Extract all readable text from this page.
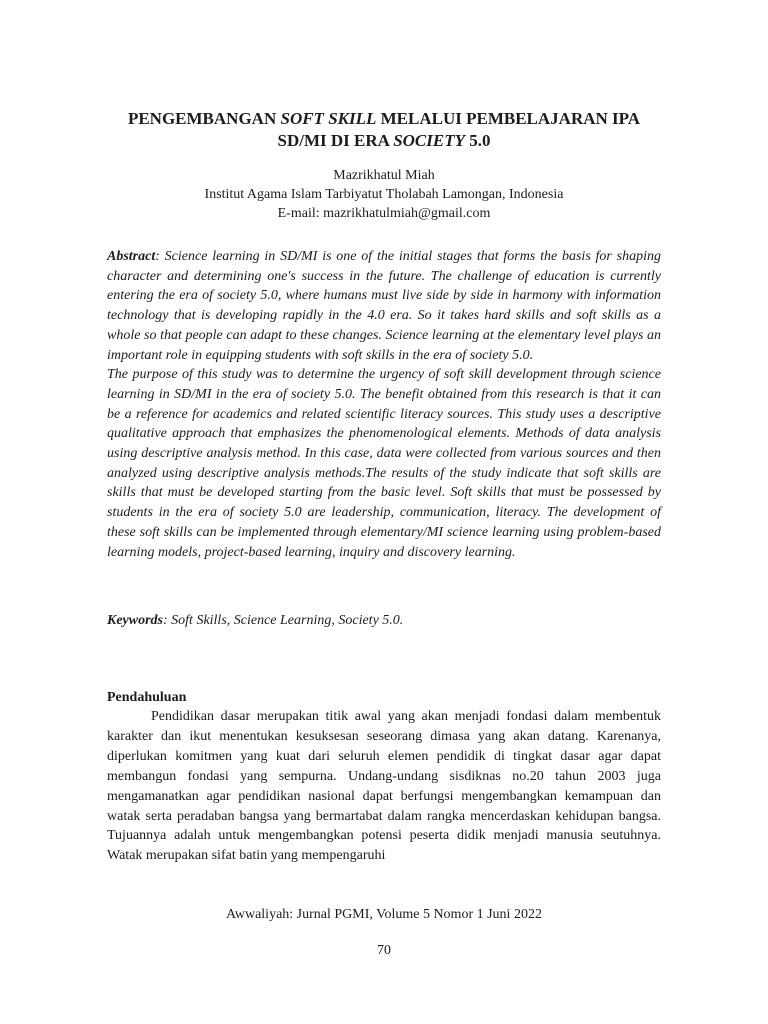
PENGEMBANGAN SOFT SKILL MELALUI PEMBELAJARAN IPA
SD/MI DI ERA SOCIETY 5.0
Mazrikhatul Miah
Institut Agama Islam Tarbiyatut Tholabah Lamongan, Indonesia
E-mail: mazrikhatulmiah@gmail.com

Abstract: Science learning in SD/MI is one of the initial stages that forms the basis for shaping character and determining one's success in the future. The challenge of education is currently entering the era of society 5.0, where humans must live side by side in harmony with information technology that is developing rapidly in the 4.0 era. So it takes hard skills and soft skills as a whole so that people can adapt to these changes. Science learning at the elementary level plays an important role in equipping students with soft skills in the era of society 5.0.

The purpose of this study was to determine the urgency of soft skill development through science learning in SD/MI in the era of society 5.0. The benefit obtained from this research is that it can be a reference for academics and related scientific literacy sources. This study uses a descriptive qualitative approach that emphasizes the phenomenological elements. Methods of data analysis using descriptive analysis method. In this case, data were collected from various sources and then analyzed using descriptive analysis methods.The results of the study indicate that soft skills are skills that must be developed starting from the basic level. Soft skills that must be possessed by students in the era of society 5.0 are leadership, communication, literacy. The development of these soft skills can be implemented through elementary/MI science learning using problem-based learning models, project-based learning, inquiry and discovery learning.

Keywords: Soft Skills, Science Learning, Society 5.0.
Pendahuluan

Pendidikan dasar merupakan titik awal yang akan menjadi fondasi dalam membentuk karakter dan ikut menentukan kesuksesan seseorang dimasa yang akan datang. Karenanya, diperlukan komitmen yang kuat dari seluruh elemen pendidik di tingkat dasar agar dapat membangun fondasi yang sempurna. Undang-undang sisdiknas no.20 tahun 2003 juga mengamanatkan agar pendidikan nasional dapat berfungsi mengembangkan kemampuan dan watak serta peradaban bangsa yang bermartabat dalam rangka mencerdaskan kehidupan bangsa. Tujuannya adalah untuk mengembangkan potensi peserta didik menjadi manusia seutuhnya. Watak merupakan sifat batin yang mempengaruhi

Awwaliyah: Jurnal PGMI, Volume 5 Nomor 1 Juni 2022
70
